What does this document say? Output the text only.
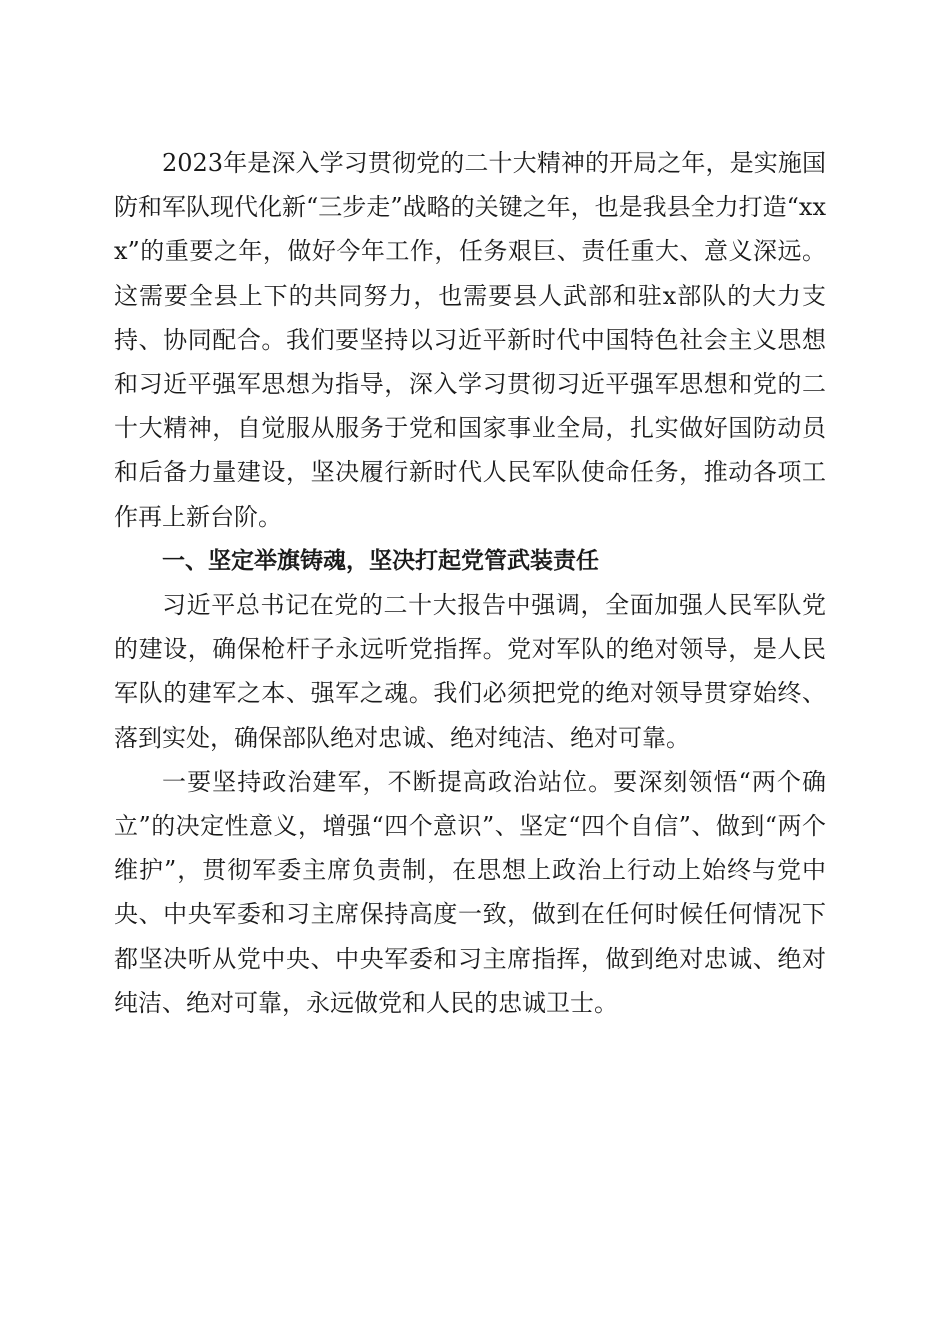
2023年是深入学习贯彻党的二十大精神的开局之年，是实施国防和军队现代化新“三步走”战略的关键之年，也是我县全力打造“xxx”的重要之年，做好今年工作，任务艰巨、责任重大、意义深远。这需要全县上下的共同努力，也需要县人武部和驻x部队的大力支持、协同配合。我们要坚持以习近平新时代中国特色社会主义思想和习近平强军思想为指导，深入学习贯彻习近平强军思想和党的二十大精神，自觉服从服务于党和国家事业全局，扎实做好国防动员和后备力量建设，坚决履行新时代人民军队使命任务，推动各项工作再上新台阶。

一、坚定举旗铸魂，坚决打起党管武装责任

习近平总书记在党的二十大报告中强调，全面加强人民军队党的建设，确保枪杆子永远听党指挥。党对军队的绝对领导，是人民军队的建军之本、强军之魂。我们必须把党的绝对领导贯穿始终、落到实处，确保部队绝对忠诚、绝对纯洁、绝对可靠。

一要坚持政治建军，不断提高政治站位。要深刻领悟“两个确立”的决定性意义，增强“四个意识”、坚定“四个自信”、做到“两个维护”，贯彻军委主席负责制，在思想上政治上行动上始终与党中央、中央军委和习主席保持高度一致，做到在任何时候任何情况下都坚决听从党中央、中央军委和习主席指挥，做到绝对忠诚、绝对纯洁、绝对可靠，永远做党和人民的忠诚卫士。
